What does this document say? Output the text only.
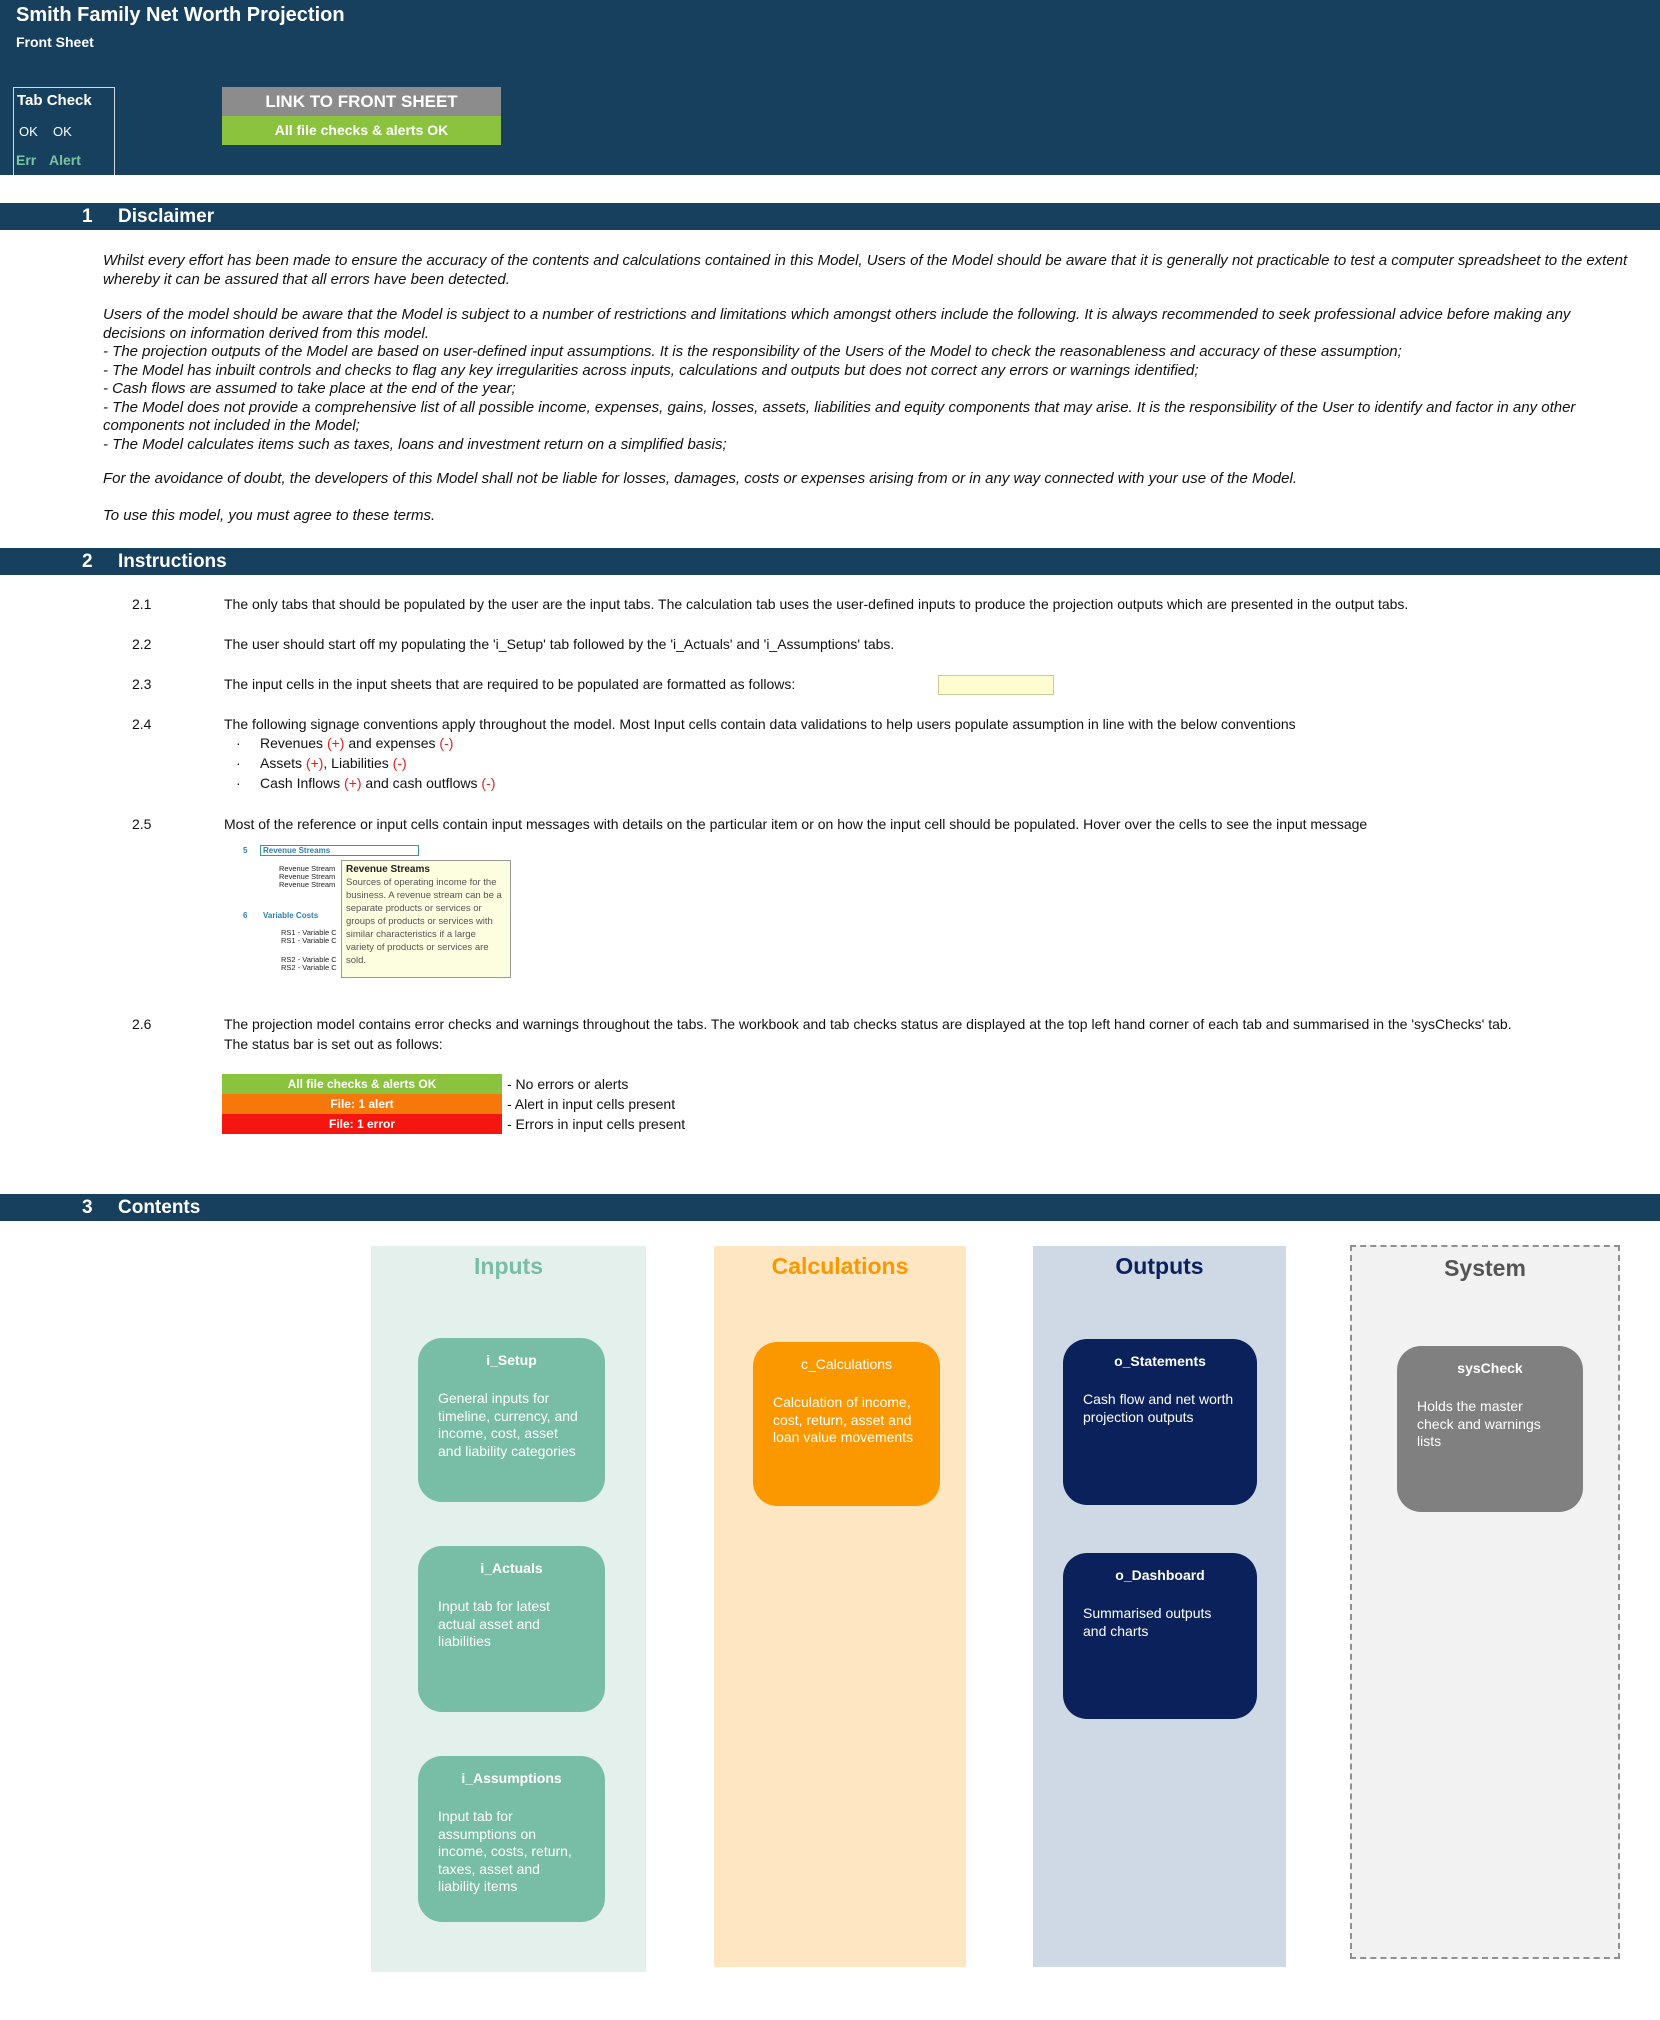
Smith Family Net Worth Projection
Front Sheet
Tab Check
OK OK
Err Alert
LINK TO FRONT SHEET
All file checks & alerts OK
1 Disclaimer
Whilst every effort has been made to ensure the accuracy of the contents and calculations contained in this Model, Users of the Model should be aware that it is generally not practicable to test a computer spreadsheet to the extent whereby it can be assured that all errors have been detected.
Users of the model should be aware that the Model is subject to a number of restrictions and limitations which amongst others include the following. It is always recommended to seek professional advice before making any decisions on information derived from this model.
- The projection outputs of the Model are based on user-defined input assumptions. It is the responsibility of the Users of the Model to check the reasonableness and accuracy of these assumption;
- The Model has inbuilt controls and checks to flag any key irregularities across inputs, calculations and outputs but does not correct any errors or warnings identified;
- Cash flows are assumed to take place at the end of the year;
- The Model does not provide a comprehensive list of all possible income, expenses, gains, losses, assets, liabilities and equity components that may arise. It is the responsibility of the User to identify and factor in any other components not included in the Model;
- The Model calculates items such as taxes, loans and investment return on a simplified basis;
For the avoidance of doubt, the developers of this Model shall not be liable for losses, damages, costs or expenses arising from or in any way connected with your use of the Model.
To use this model, you must agree to these terms.
2 Instructions
2.1	The only tabs that should be populated by the user are the input tabs. The calculation tab uses the user-defined inputs to produce the projection outputs which are presented in the output tabs.
2.2	The user should start off my populating the 'i_Setup' tab followed by the 'i_Actuals' and 'i_Assumptions' tabs.
2.3	The input cells in the input sheets that are required to be populated are formatted as follows:
2.4	The following signage conventions apply throughout the model. Most Input cells contain data validations to help users populate assumption in line with the below conventions
· Revenues (+) and expenses (-)
· Assets (+), Liabilities (-)
· Cash Inflows (+) and cash outflows (-)
2.5	Most of the reference or input cells contain input messages with details on the particular item or on how the input cell should be populated. Hover over the cells to see the input message
5	Revenue Streams
Revenue Stream
Revenue Stream
Revenue Stream
6 Variable Costs
RS1 - Variable C
RS1 - Variable C
RS2 - Variable C
RS2 - Variable C
Revenue Streams
Sources of operating income for the business. A revenue stream can be a separate products or services or groups of products or services with similar characteristics if a large variety of products or services are sold.
2.6	The projection model contains error checks and warnings throughout the tabs. The workbook and tab checks status are displayed at the top left hand corner of each tab and summarised in the 'sysChecks' tab.
The status bar is set out as follows:
All file checks & alerts OK	- No errors or alerts
File: 1 alert	- Alert in input cells present
File: 1 error	- Errors in input cells present
3 Contents
Inputs
i_Setup
General inputs for timeline, currency, and income, cost, asset and liability categories
i_Actuals
Input tab for latest actual asset and liabilities
i_Assumptions
Input tab for assumptions on income, costs, return, taxes, asset and liability items
Calculations
c_Calculations
Calculation of income, cost, return, asset and loan value movements
Outputs
o_Statements
Cash flow and net worth projection outputs
o_Dashboard
Summarised outputs and charts
System
sysCheck
Holds the master check and warnings lists
